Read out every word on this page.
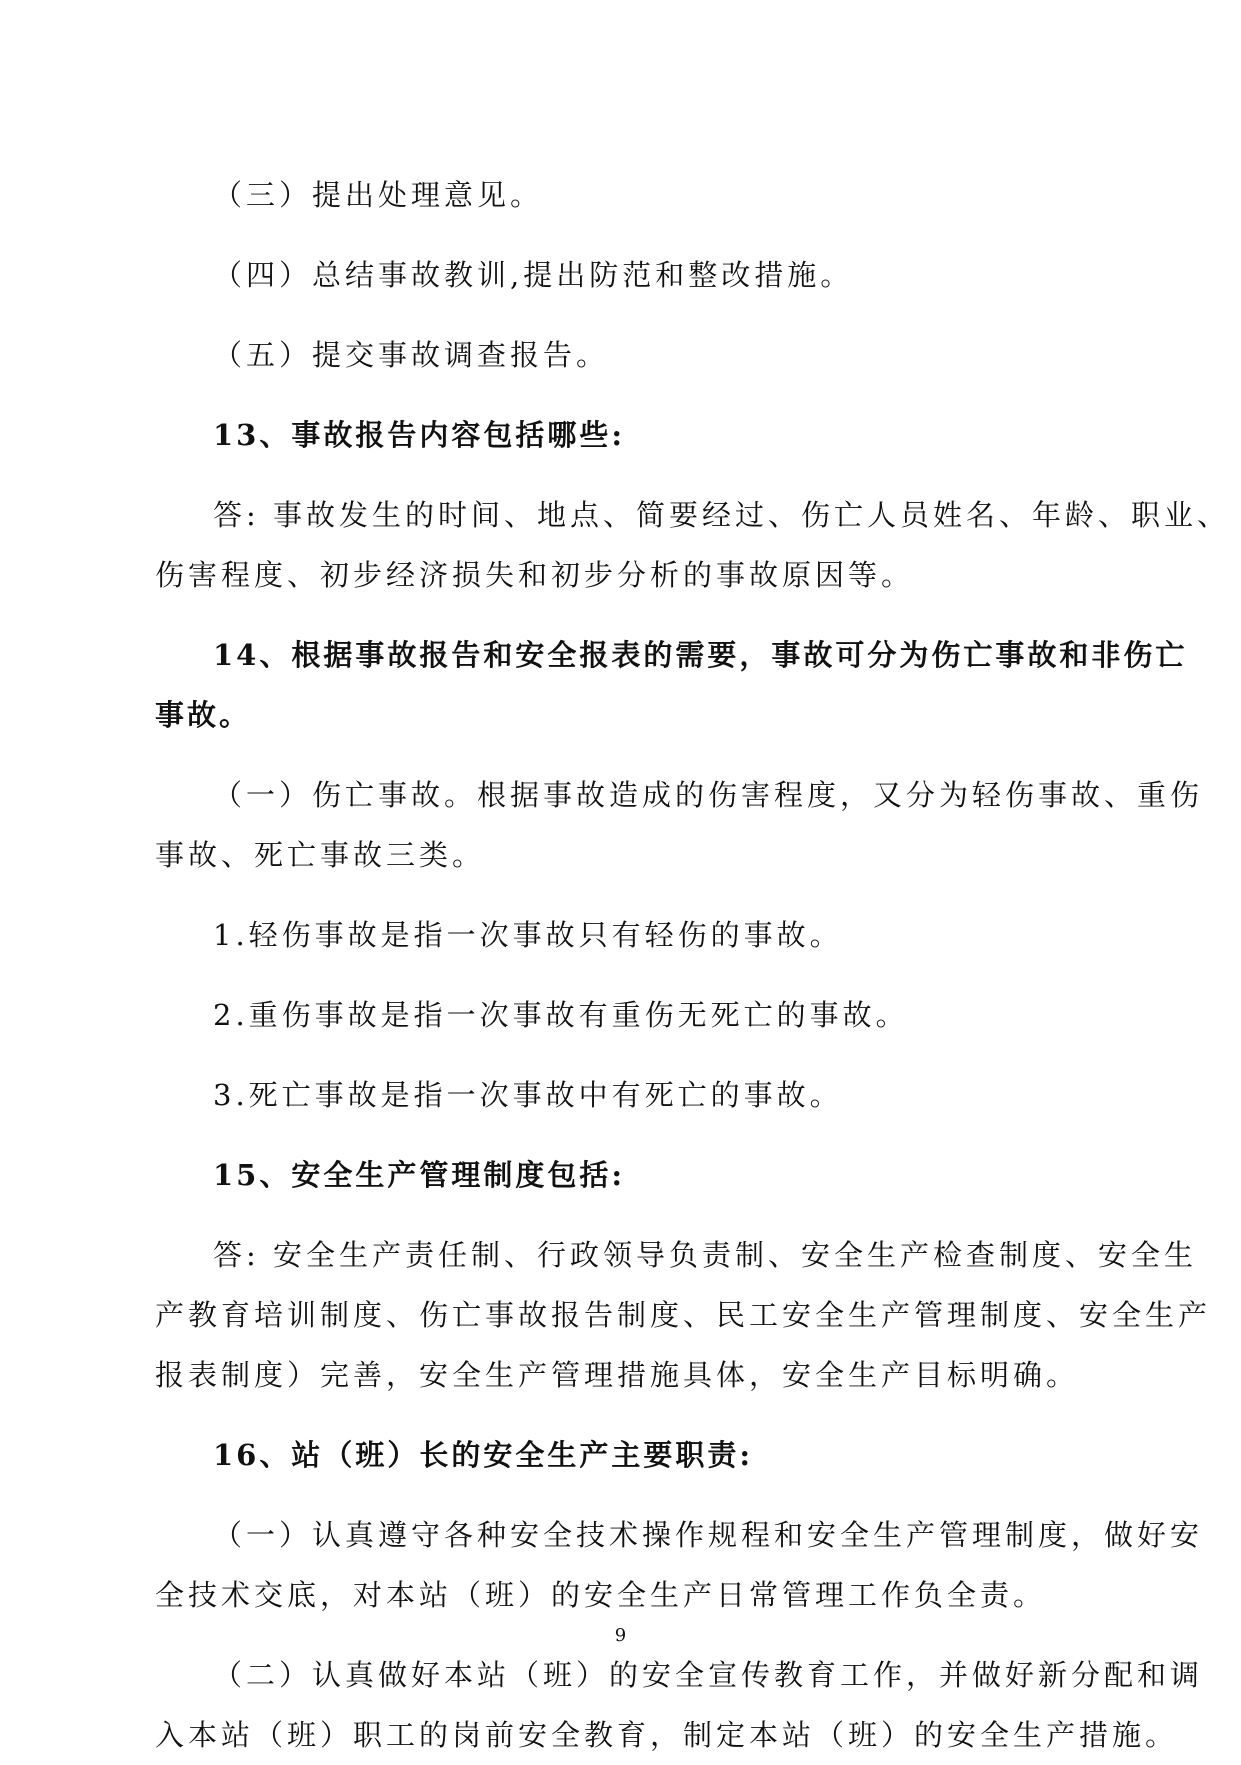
（三）提出处理意见。

（四）总结事故教训,提出防范和整改措施。

（五）提交事故调查报告。

13、事故报告内容包括哪些:

答: 事故发生的时间、地点、简要经过、伤亡人员姓名、年龄、职业、

伤害程度、初步经济损失和初步分析的事故原因等。

14、根据事故报告和安全报表的需要，事故可分为伤亡事故和非伤亡

事故。

（一）伤亡事故。根据事故造成的伤害程度，又分为轻伤事故、重伤

事故、死亡事故三类。

1.轻伤事故是指一次事故只有轻伤的事故。

2.重伤事故是指一次事故有重伤无死亡的事故。

3.死亡事故是指一次事故中有死亡的事故。

15、安全生产管理制度包括:

答: 安全生产责任制、行政领导负责制、安全生产检查制度、安全生

产教育培训制度、伤亡事故报告制度、民工安全生产管理制度、安全生产

报表制度）完善，安全生产管理措施具体，安全生产目标明确。

16、站（班）长的安全生产主要职责:

（一）认真遵守各种安全技术操作规程和安全生产管理制度，做好安

全技术交底，对本站（班）的安全生产日常管理工作负全责。

（二）认真做好本站（班）的安全宣传教育工作，并做好新分配和调

入本站（班）职工的岗前安全教育，制定本站（班）的安全生产措施。

9
